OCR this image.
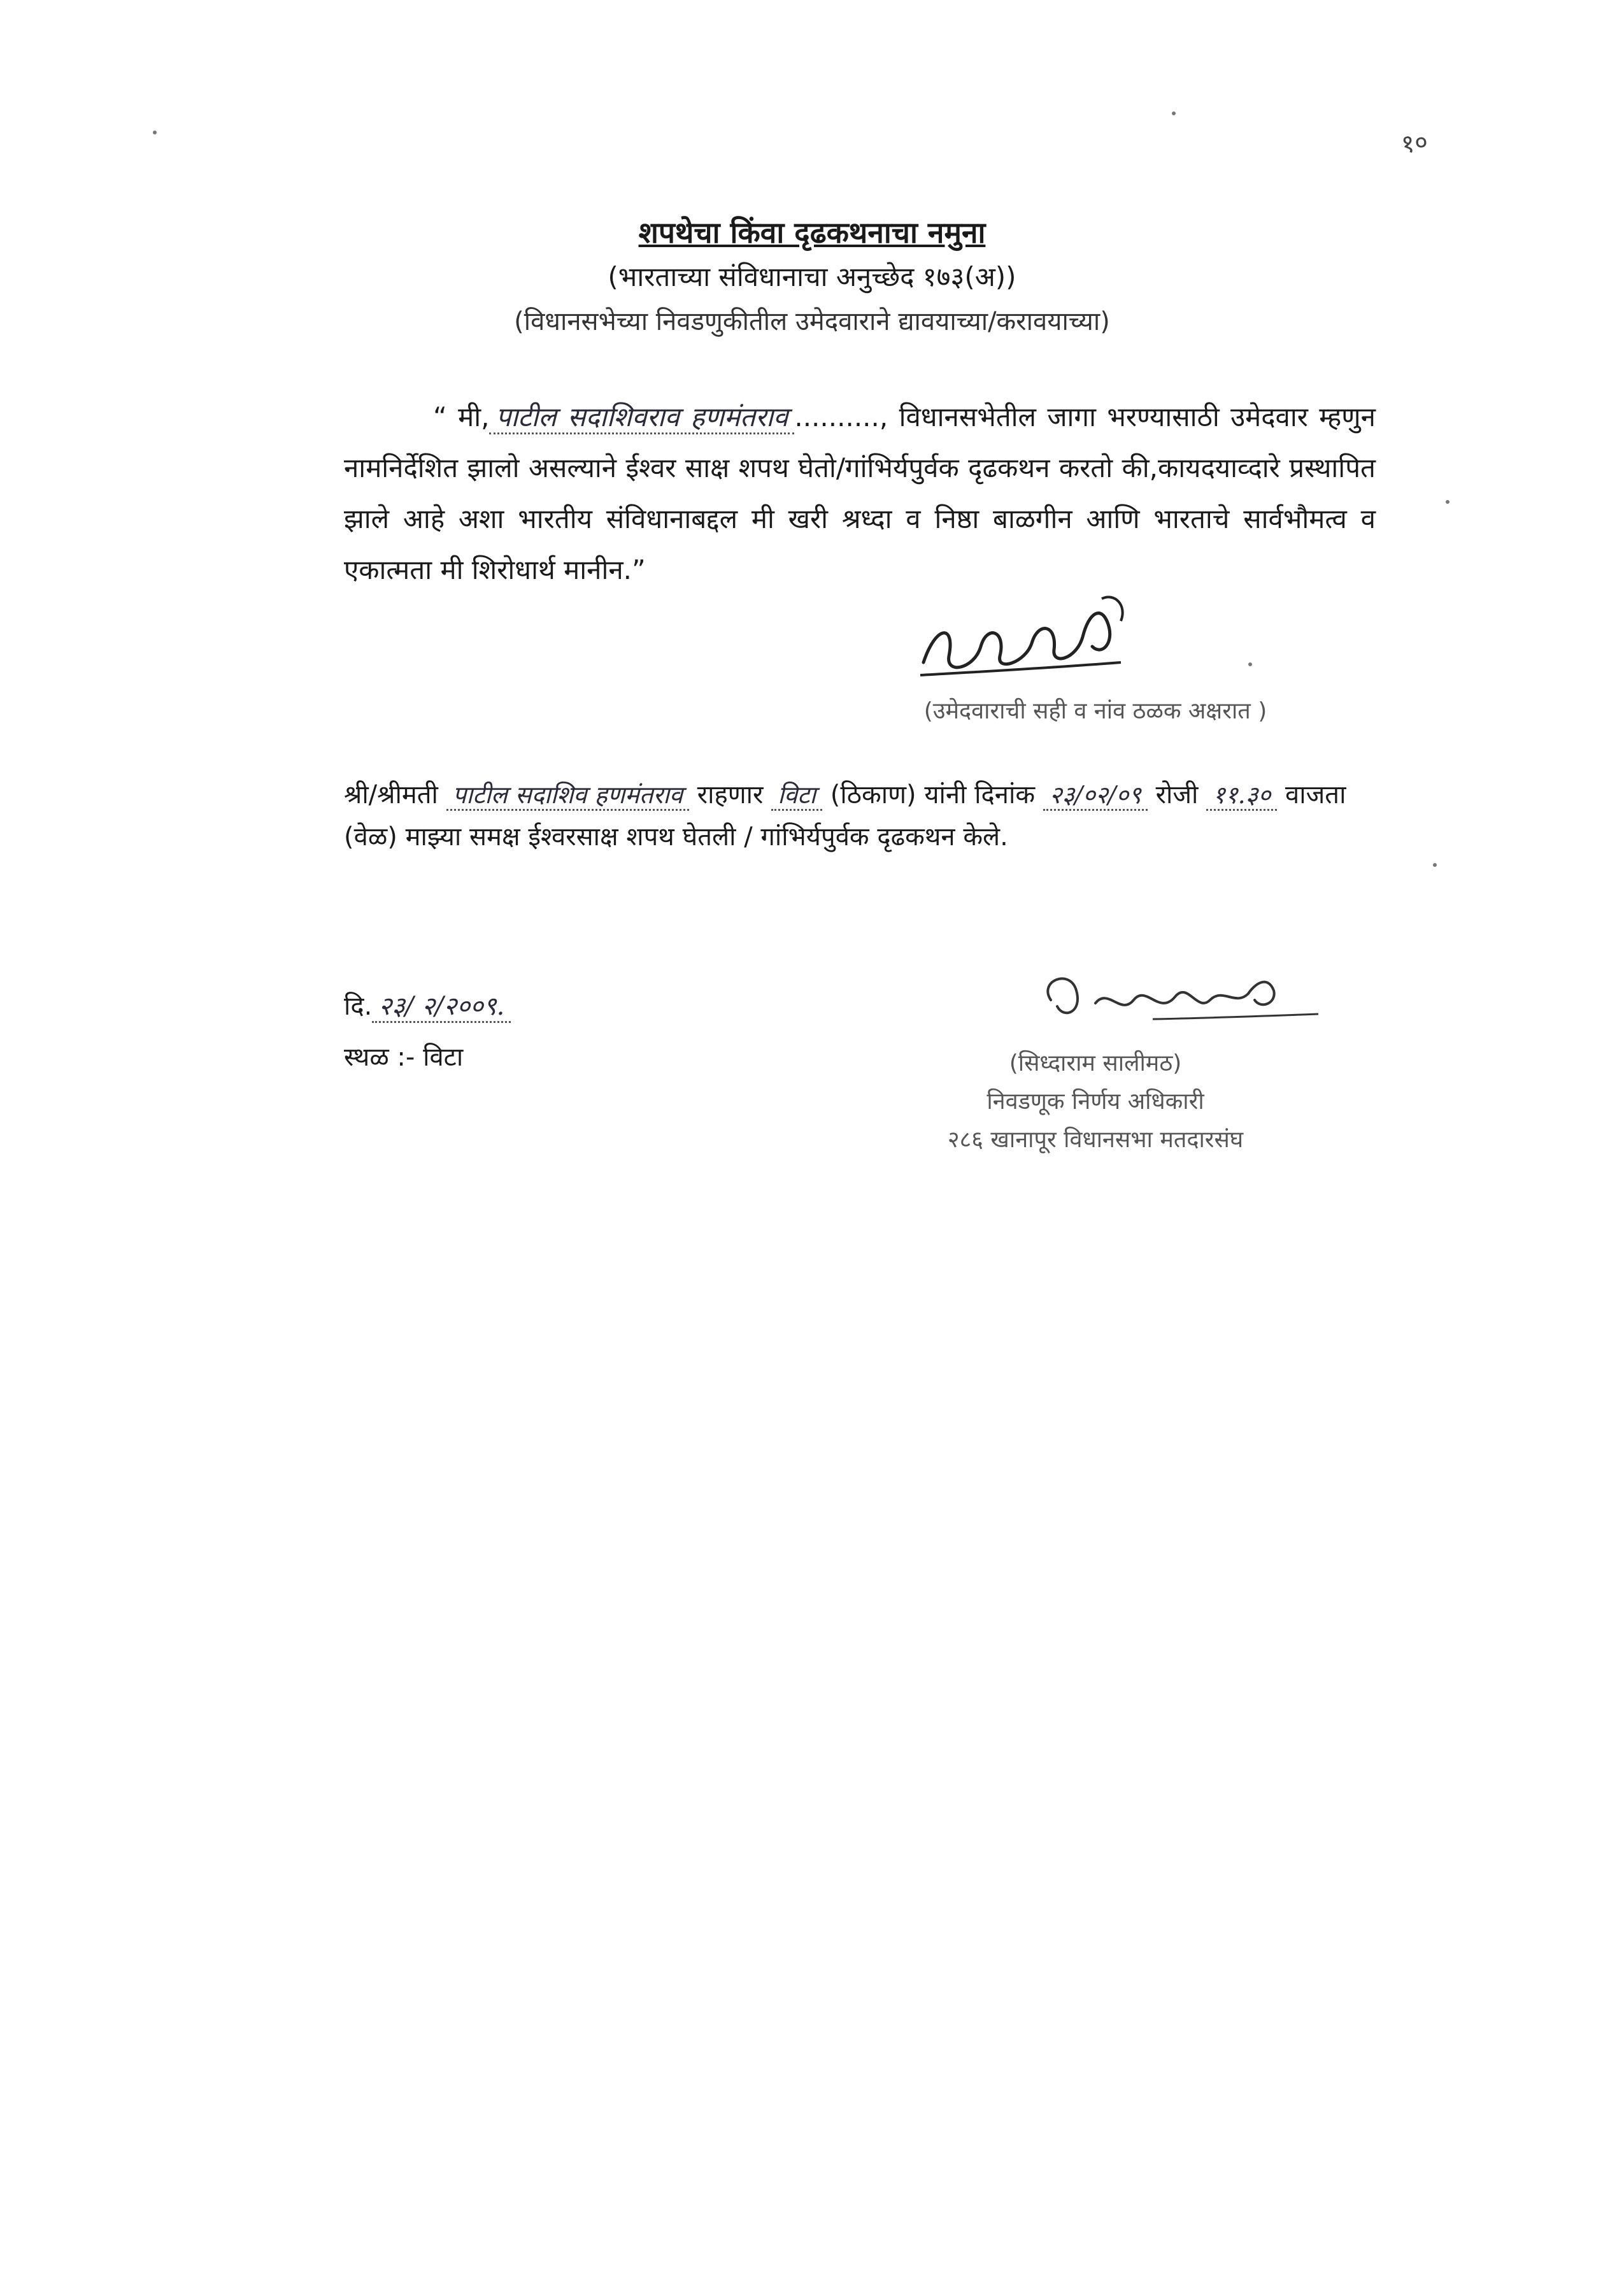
१०

शपथेचा किंवा दृढकथनाचा नमुना

(भारताच्या संविधानाचा अनुच्छेद १७३(अ))

(विधानसभेच्या निवडणुकीतील उमेदवाराने द्यावयाच्या/करावयाच्या)

“ मी, पाटील सदाशिवराव हणमंतराव .........., विधानसभेतील जागा भरण्यासाठी उमेदवार म्हणुन नामनिर्देशित झालो असल्याने ईश्वर साक्ष शपथ घेतो/गांभिर्यपुर्वक दृढकथन करतो की,कायदयाव्दारे प्रस्थापित झाले आहे अशा भारतीय संविधानाबद्दल मी खरी श्रध्दा व निष्ठा बाळगीन आणि भारताचे सार्वभौमत्व व एकात्मता मी शिरोधार्थ मानीन.”
(उमेदवाराची सही व नांव ठळक अक्षरात )
श्री/श्रीमती पाटील सदाशिव हणमंतराव राहणार विटा (ठिकाण) यांनी दिनांक २३/०२/०९ रोजी ११.३० वाजता (वेळ) माझ्या समक्ष ईश्वरसाक्ष शपथ घेतली / गांभिर्यपुर्वक दृढकथन केले.
दि. २३/ २/२००९.
स्थळ :- विटा	(सिध्दाराम सालीमठ)
निवडणूक निर्णय अधिकारी
२८६ खानापूर विधानसभा मतदारसंघ
